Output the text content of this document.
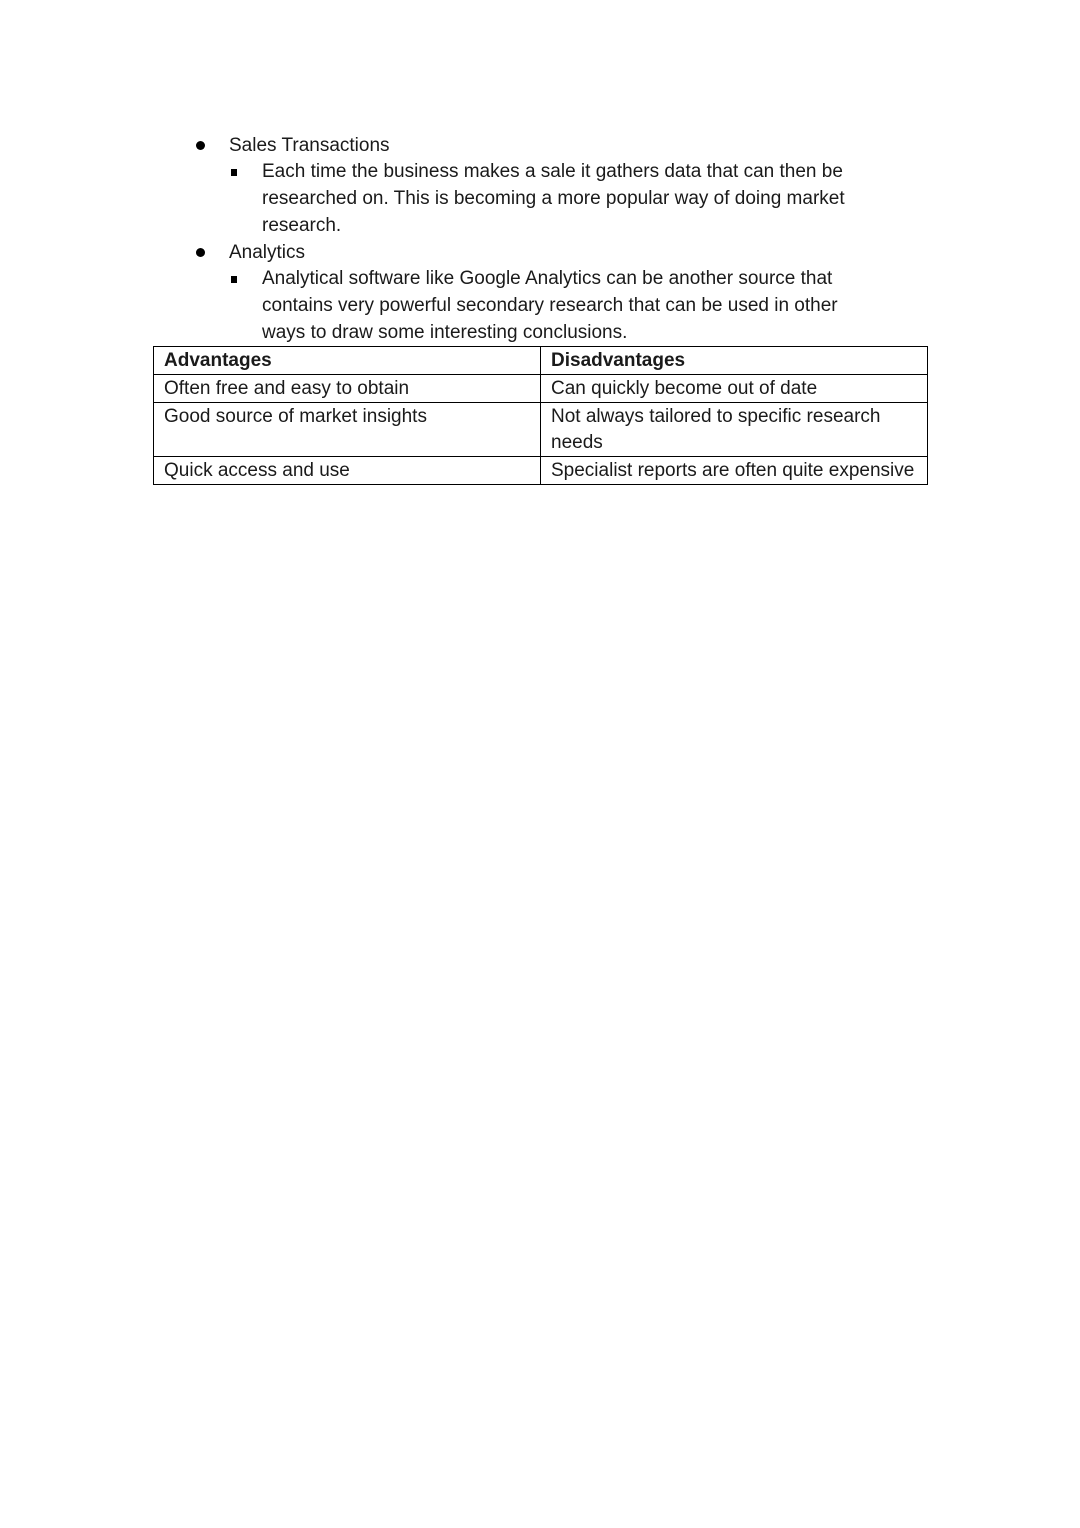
Sales Transactions
Each time the business makes a sale it gathers data that can then be researched on. This is becoming a more popular way of doing market research.
Analytics
Analytical software like Google Analytics can be another source that contains very powerful secondary research that can be used in other ways to draw some interesting conclusions.
Advantages	Disadvantages
Often free and easy to obtain	Can quickly become out of date
Good source of market insights	Not always tailored to specific research needs
Quick access and use	Specialist reports are often quite expensive
